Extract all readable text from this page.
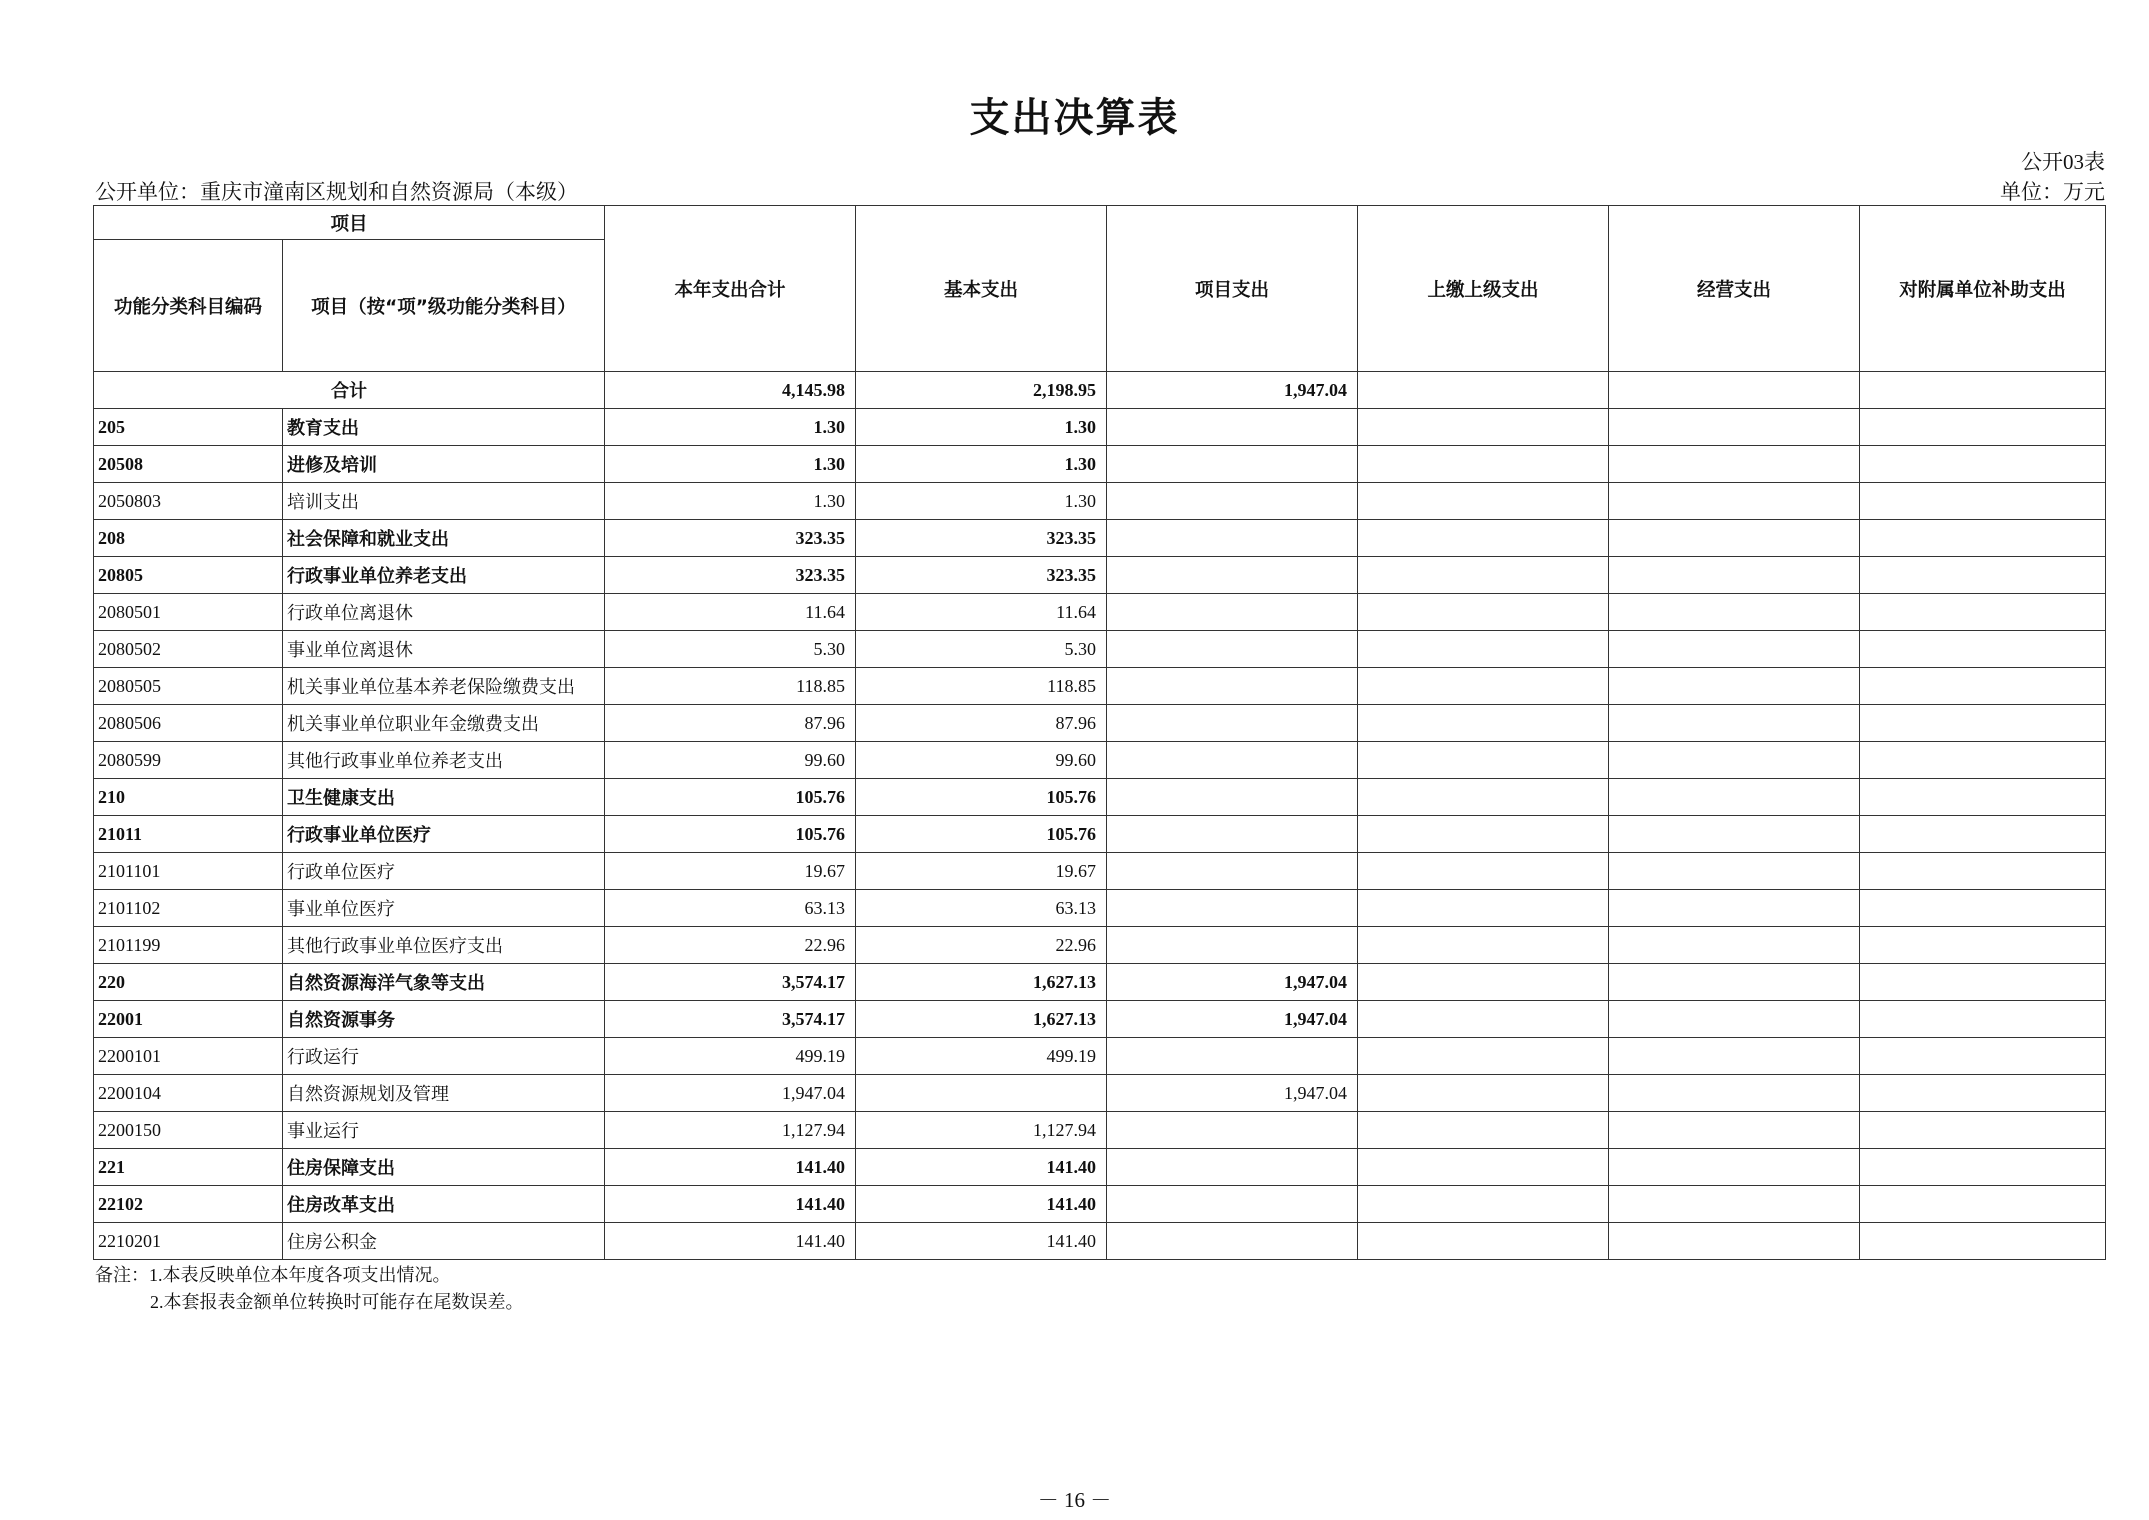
支出决算表
公开03表
公开单位：重庆市潼南区规划和自然资源局（本级）	单位：万元
项目		本年支出合计	基本支出	项目支出	上缴上级支出	经营支出	对附属单位补助支出
功能分类科目编码	项目（按“项”级功能分类科目）						
合计		4,145.98	2,198.95	1,947.04			
205	教育支出	1.30	1.30				
20508	进修及培训	1.30	1.30				
2050803	培训支出	1.30	1.30				
208	社会保障和就业支出	323.35	323.35				
20805	行政事业单位养老支出	323.35	323.35				
2080501	行政单位离退休	11.64	11.64				
2080502	事业单位离退休	5.30	5.30				
2080505	机关事业单位基本养老保险缴费支出	118.85	118.85				
2080506	机关事业单位职业年金缴费支出	87.96	87.96				
2080599	其他行政事业单位养老支出	99.60	99.60				
210	卫生健康支出	105.76	105.76				
21011	行政事业单位医疗	105.76	105.76				
2101101	行政单位医疗	19.67	19.67				
2101102	事业单位医疗	63.13	63.13				
2101199	其他行政事业单位医疗支出	22.96	22.96				
220	自然资源海洋气象等支出	3,574.17	1,627.13	1,947.04			
22001	自然资源事务	3,574.17	1,627.13	1,947.04			
2200101	行政运行	499.19	499.19				
2200104	自然资源规划及管理	1,947.04		1,947.04			
2200150	事业运行	1,127.94	1,127.94				
221	住房保障支出	141.40	141.40				
22102	住房改革支出	141.40	141.40				
2210201	住房公积金	141.40	141.40				
备注：1.本表反映单位本年度各项支出情况。
2.本套报表金额单位转换时可能存在尾数误差。
－ 16 －
